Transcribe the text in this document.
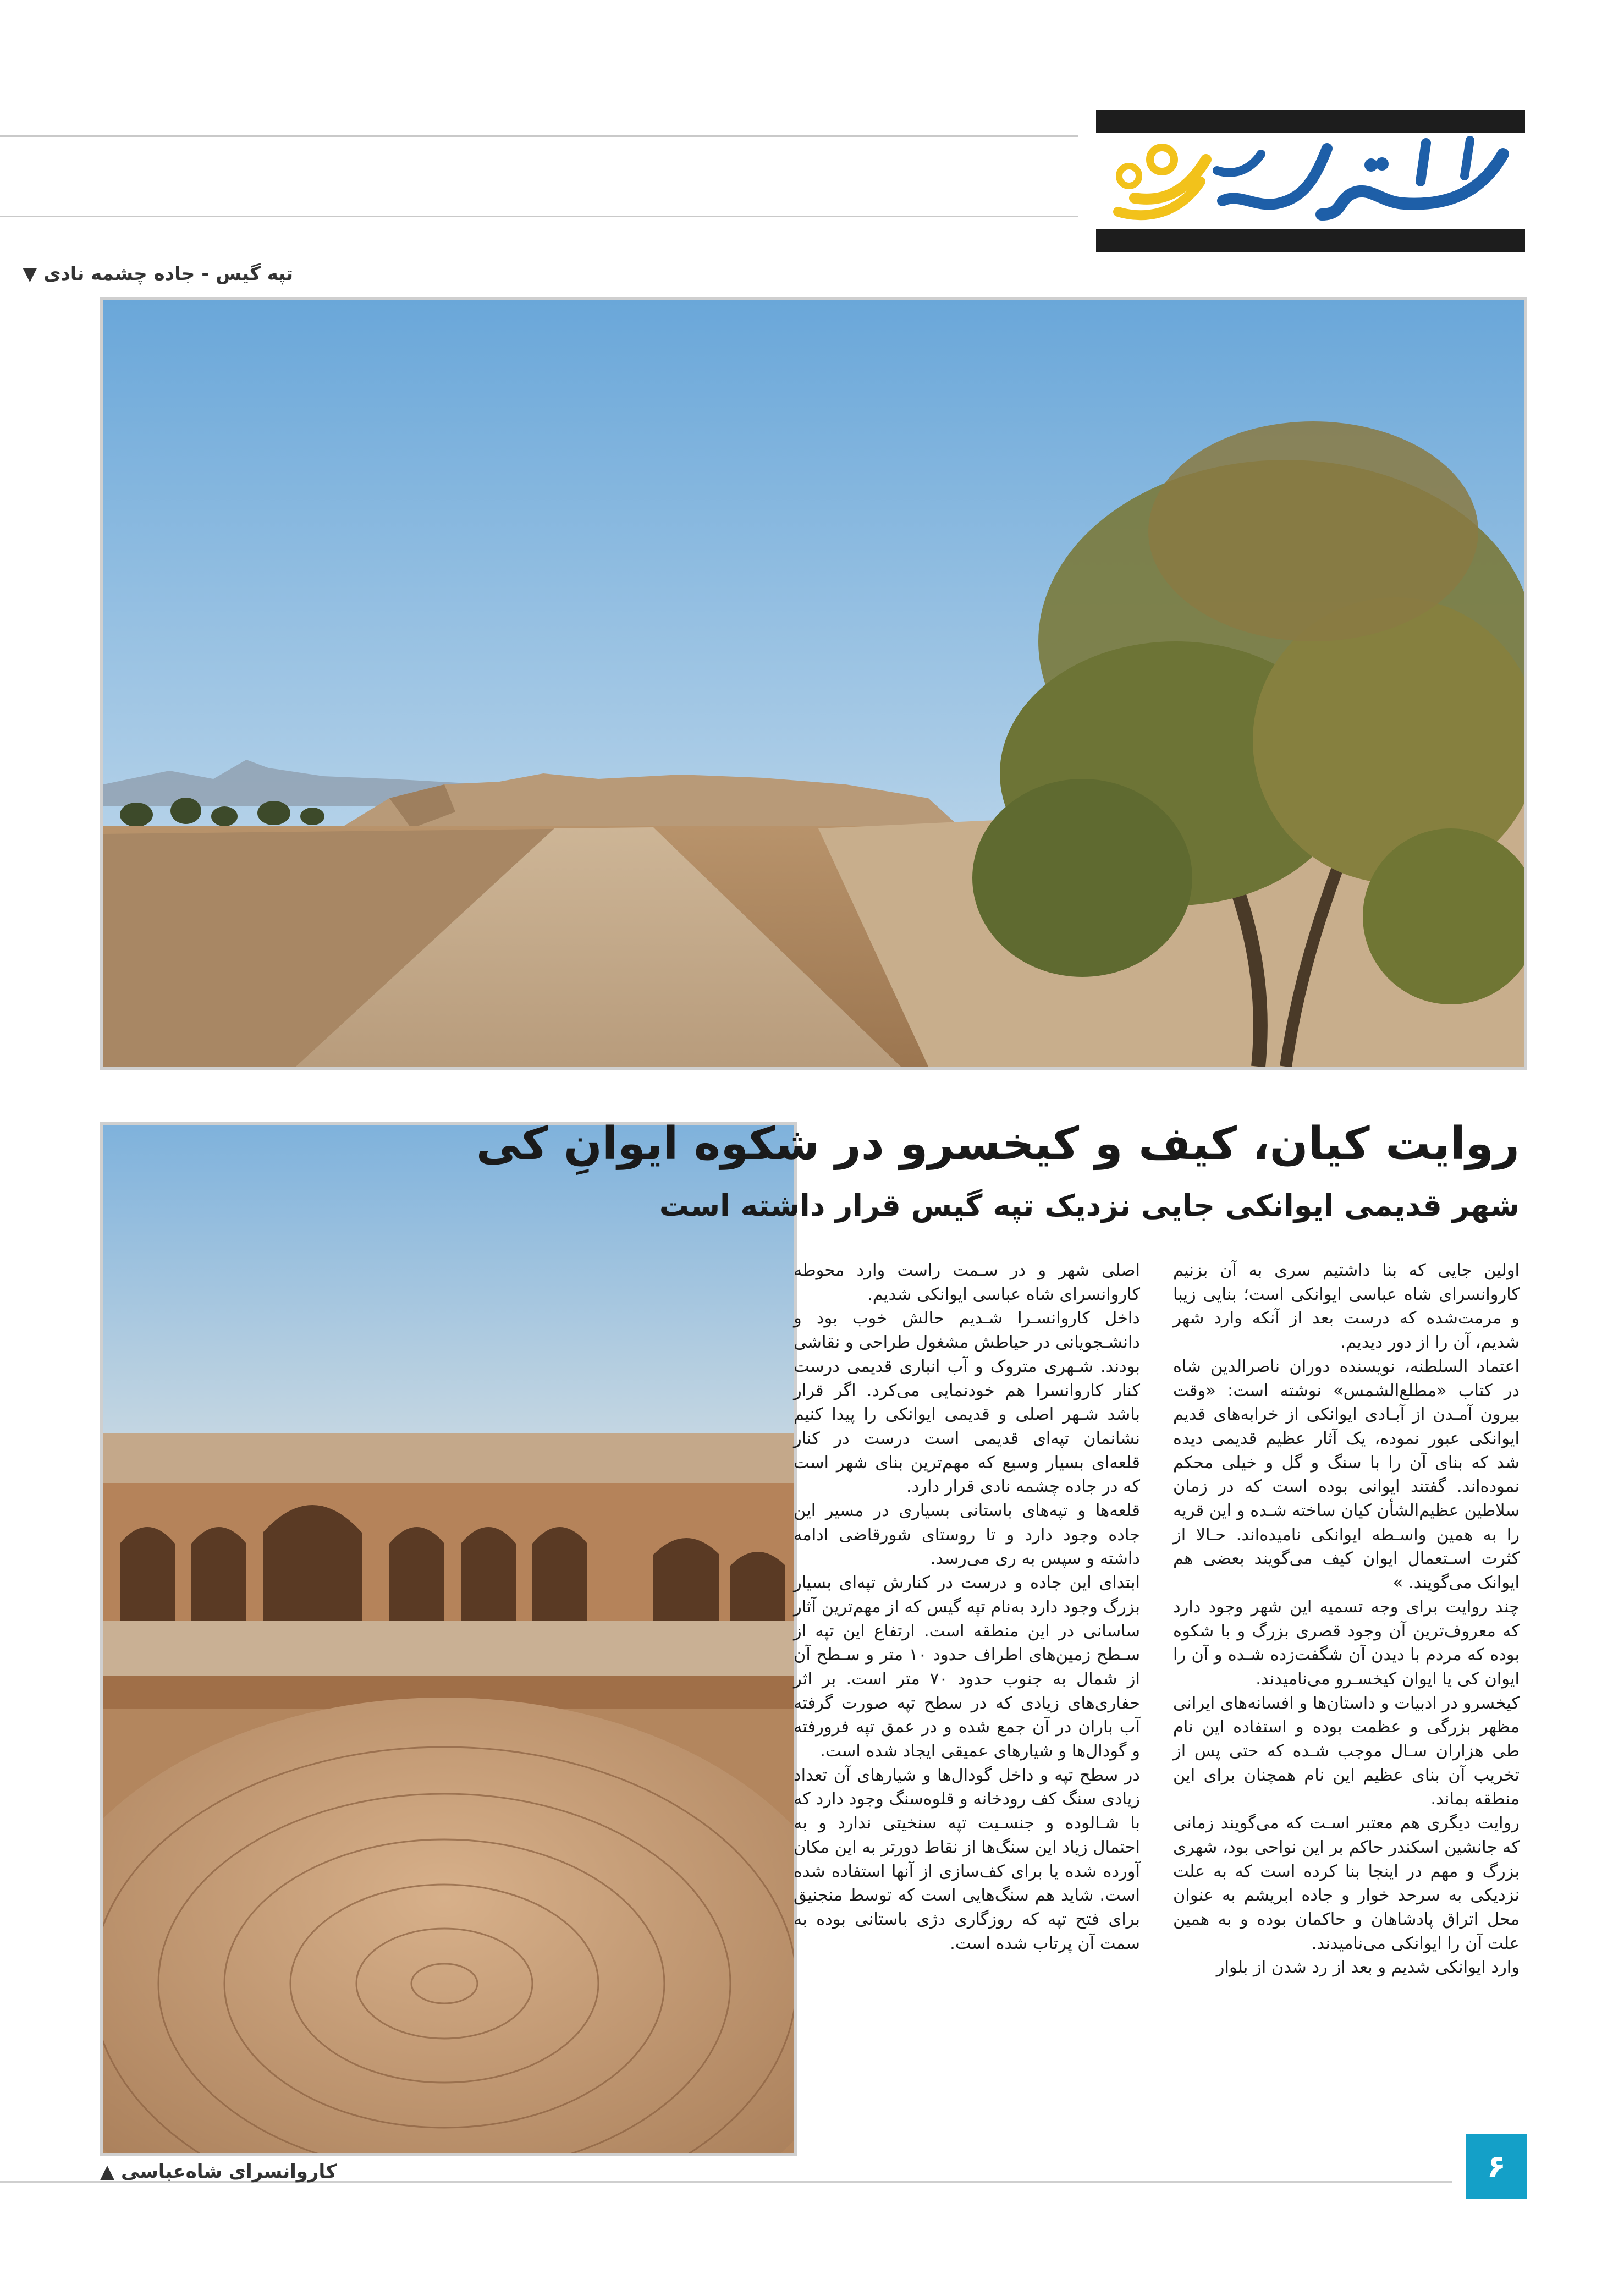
تپه گیس - جاده چشمه نادی ▼
کاروانسرای شاه‌عباسی ▲
روایت کیان، کیف و کیخسرو در شکوه ایوانِ کی
شهر قدیمی ایوانکی جایی نزدیک تپه گیس قرار داشته است

اولین جایی که بنا داشتیم سری به آن بزنیم کاروانسرای شاه عباسی ایوانکی است؛ بنایی زیبا و مرمت‌شده که درست بعد از آنکه وارد شهر شدیم، آن را از دور دیدیم.

اعتماد السلطنه، نویسنده دوران ناصرالدین شاه در کتاب «مطلع‌الشمس» نوشته است: «وقت بیرون آمـدن از آبـادی ایوانکی از خرابه‌های قدیم ایوانکی عبور نموده، یک آثار عظیم قدیمی دیده شد که بنای آن را با سنگ و گل و خیلی محکم نموده‌اند. گفتند ایوانی بوده است که در زمان سلاطین عظیم‌الشأن کیان ساخته شـده و این قریه را به همین واسـطه ایوانکی نامیده‌اند. حـالا از کثرت اسـتعمال ایوان کیف می‌گویند بعضی هم ایوانک می‌گویند. »

چند روایت برای وجه تسمیه این شهر وجود دارد که معروف‌ترین آن وجود قصری بزرگ و با شکوه بوده که مردم با دیدن آن شگفت‌زده شـده و آن را ایوان کی یا ایوان کیخسـرو می‌نامیدند.

کیخسرو در ادبیات و داستان‌ها و افسانه‌های ایرانی مظهر بزرگی و عظمت بوده و استفاده این نام طی هزاران سـال موجب شـده که حتی پس از تخریب آن بنای عظیم این نام همچنان برای این منطقه بماند.

روایت دیگری هم معتبر اسـت که می‌گویند زمانی که جانشین اسکندر حاکم بر این نواحی بود، شهری بزرگ و مهم در اینجا بنا کرده است که به علت نزدیکی به سرحد خوار و جاده ابریشم به عنوان محل اتراق پادشاهان و حاکمان بوده و به همین علت آن را ایوانکی می‌نامیدند.

وارد ایوانکی شدیم و بعد از رد شدن از بلوار

اصلی شهر و در سـمت راست وارد محوطه کاروانسرای شاه عباسی ایوانکی شدیم.

داخل کاروانسـرا شـدیم حالش خوب بود و دانشـجویانی در حیاطش مشغول طراحی و نقاشی بودند. شـهری متروک و آب انباری قدیمی درست کنار کاروانسرا هم خودنمایی می‌کرد. اگر قرار باشد شـهر اصلی و قدیمی ایوانکی را پیدا کنیم نشانمان تپه‌ای قدیمی است درست در کنار قلعه‌ای بسیار وسیع که مهم‌ترین بنای شهر است که در جاده چشمه نادی قرار دارد.

قلعه‌ها و تپه‌های باستانی بسیاری در مسیر این جاده وجود دارد و تا روستای شورقاضی ادامه داشته و سپس به ری می‌رسد.

ابتدای این جاده و درست در کنارش تپه‌ای بسیار بزرگ وجود دارد به‌نام تپه گیس که از مهم‌ترین آثار ساسانی در این منطقه است. ارتفاع این تپه از سـطح زمین‌های اطراف حدود ۱۰ متر و سـطح آن از شمال به جنوب حدود ۷۰ متر است. بر اثر حفاری‌های زیادی که در سطح تپه صورت گرفته آب باران در آن جمع شده و در عمق تپه فرورفته و گودال‌ها و شیارهای عمیقی ایجاد شده است.

در سطح تپه و داخل گودال‌ها و شیارهای آن تعداد زیادی سنگ کف رودخانه و قلوه‌سنگ وجود دارد که با شـالوده و جنسـیت تپه سنخیتی ندارد و به احتمال زیاد این سنگ‌ها از نقاط دورتر به این مکان آورده شده یا برای کف‌سازی از آنها استفاده شده است. شاید هم سنگ‌هایی است که توسط منجنیق برای فتح تپه که روزگاری دژی باستانی بوده به سمت آن پرتاب شده است.

۶
